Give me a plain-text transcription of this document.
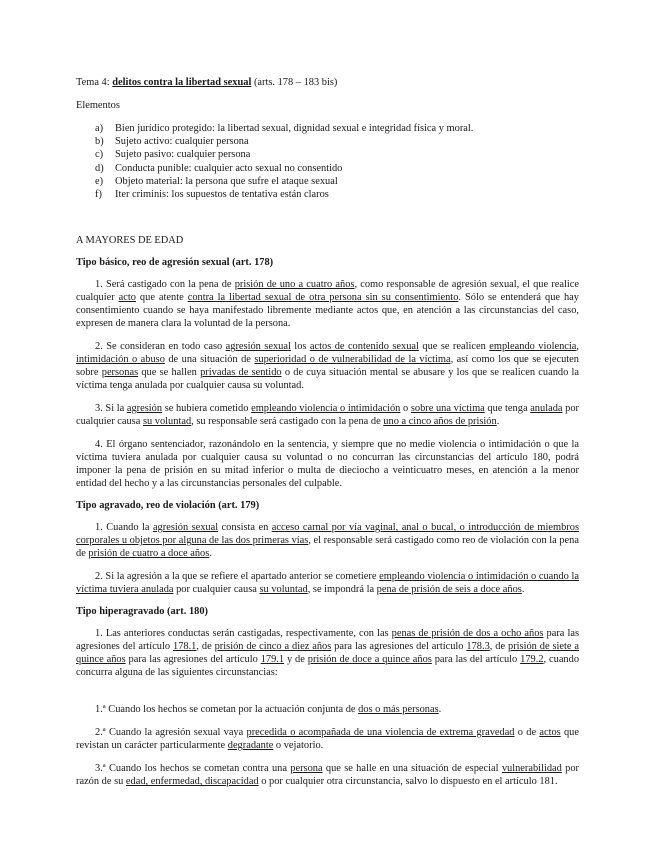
Tema 4: delitos contra la libertad sexual (arts. 178 – 183 bis)

Elementos

a)	Bien jurídico protegido: la libertad sexual, dignidad sexual e integridad física y moral.
b)	Sujeto activo: cualquier persona
c)	Sujeto pasivo: cualquier persona
d)	Conducta punible: cualquier acto sexual no consentido
e)	Objeto material: la persona que sufre el ataque sexual
f)	Iter criminis: los supuestos de tentativa están claros

A MAYORES DE EDAD

Tipo básico, reo de agresión sexual (art. 178)

1. Será castigado con la pena de prisión de uno a cuatro años, como responsable de agresión sexual, el que realice cualquier acto que atente contra la libertad sexual de otra persona sin su consentimiento. Sólo se entenderá que hay consentimiento cuando se haya manifestado libremente mediante actos que, en atención a las circunstancias del caso, expresen de manera clara la voluntad de la persona.

2. Se consideran en todo caso agresión sexual los actos de contenido sexual que se realicen empleando violencia, intimidación o abuso de una situación de superioridad o de vulnerabilidad de la víctima, así como los que se ejecuten sobre personas que se hallen privadas de sentido o de cuya situación mental se abusare y los que se realicen cuando la víctima tenga anulada por cualquier causa su voluntad.

3. Si la agresión se hubiera cometido empleando violencia o intimidación o sobre una víctima que tenga anulada por cualquier causa su voluntad, su responsable será castigado con la pena de uno a cinco años de prisión.

4. El órgano sentenciador, razonándolo en la sentencia, y siempre que no medie violencia o intimidación o que la víctima tuviera anulada por cualquier causa su voluntad o no concurran las circunstancias del artículo 180, podrá imponer la pena de prisión en su mitad inferior o multa de dieciocho a veinticuatro meses, en atención a la menor entidad del hecho y a las circunstancias personales del culpable.

Tipo agravado, reo de violación (art. 179)

1. Cuando la agresión sexual consista en acceso carnal por vía vaginal, anal o bucal, o introducción de miembros corporales u objetos por alguna de las dos primeras vías, el responsable será castigado como reo de violación con la pena de prisión de cuatro a doce años.

2. Si la agresión a la que se refiere el apartado anterior se cometiere empleando violencia o intimidación o cuando la víctima tuviera anulada por cualquier causa su voluntad, se impondrá la pena de prisión de seis a doce años.

Tipo hiperagravado (art. 180)

1. Las anteriores conductas serán castigadas, respectivamente, con las penas de prisión de dos a ocho años para las agresiones del artículo 178.1, de prisión de cinco a diez años para las agresiones del artículo 178.3, de prisión de siete a quince años para las agresiones del artículo 179.1 y de prisión de doce a quince años para las del artículo 179.2, cuando concurra alguna de las siguientes circunstancias:

1.ª Cuando los hechos se cometan por la actuación conjunta de dos o más personas.

2.ª Cuando la agresión sexual vaya precedida o acompañada de una violencia de extrema gravedad o de actos que revistan un carácter particularmente degradante o vejatorio.

3.ª Cuando los hechos se cometan contra una persona que se halle en una situación de especial vulnerabilidad por razón de su edad, enfermedad, discapacidad o por cualquier otra circunstancia, salvo lo dispuesto en el artículo 181.
